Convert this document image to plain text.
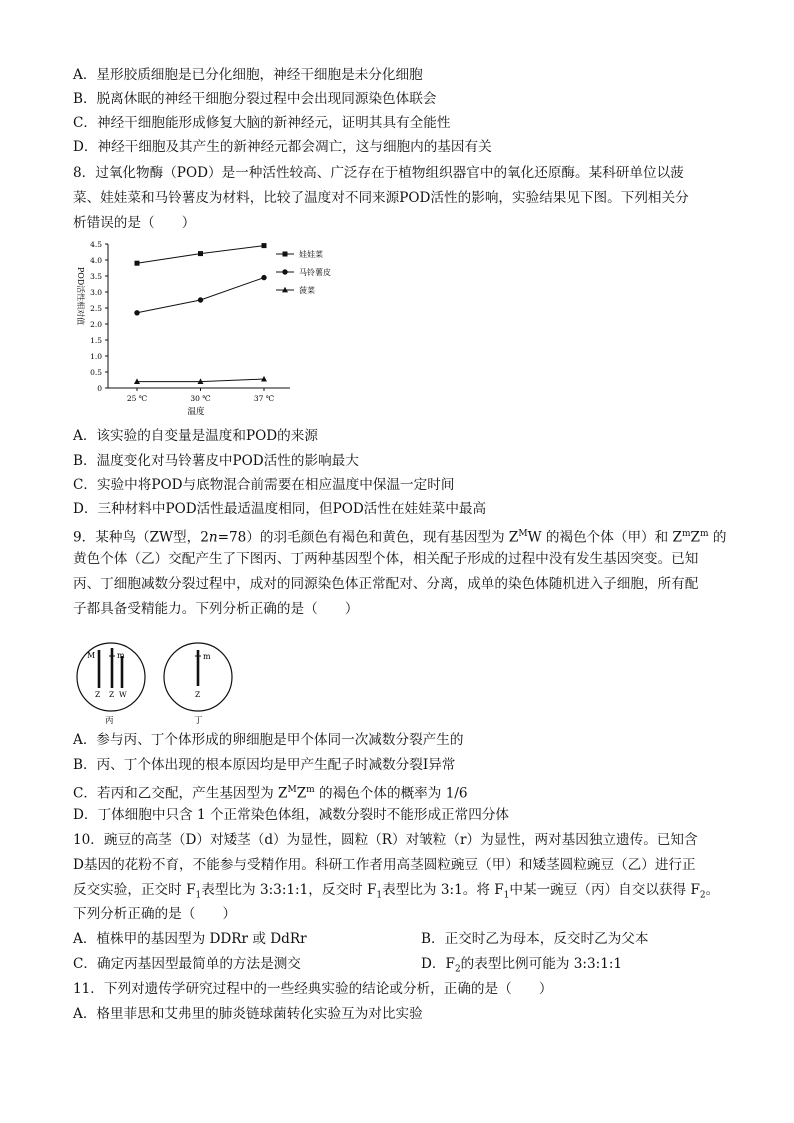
A．星形胶质细胞是已分化细胞，神经干细胞是未分化细胞
B．脱离休眠的神经干细胞分裂过程中会出现同源染色体联会
C．神经干细胞能形成修复大脑的新神经元，证明其具有全能性
D．神经干细胞及其产生的新神经元都会凋亡，这与细胞内的基因有关
8．过氧化物酶（POD）是一种活性较高、广泛存在于植物组织器官中的氧化还原酶。某科研单位以菠
菜、娃娃菜和马铃薯皮为材料，比较了温度对不同来源POD活性的影响，实验结果见下图。下列相关分
析错误的是（　　）
0
0.5
1.0
1.5
2.0
2.5
3.0
3.5
4.0
4.5
25 ℃	30 ℃	37 ℃
娃娃菜
马铃薯皮
菠菜
POD活性相对值
温度
A．该实验的自变量是温度和POD的来源
B．温度变化对马铃薯皮中POD活性的影响最大
C．实验中将POD与底物混合前需要在相应温度中保温一定时间
D．三种材料中POD活性最适温度相同，但POD活性在娃娃菜中最高
9．某种鸟（ZW型，2n=78）的羽毛颜色有褐色和黄色，现有基因型为 $Z^MW$ 的褐色个体（甲）和 $Z^mZ^m$ 的
黄色个体（乙）交配产生了下图丙、丁两种基因型个体，相关配子形成的过程中没有发生基因突变。已知
丙、丁细胞减数分裂过程中，成对的同源染色体正常配对、分离，成单的染色体随机进入子细胞，所有配
子都具备受精能力。下列分析正确的是（　　）
M	m
Z Z W
丙
m
Z
丁
A．参与丙、丁个体形成的卵细胞是甲个体同一次减数分裂产生的
B．丙、丁个体出现的根本原因均是甲产生配子时减数分裂Ⅰ异常
C．若丙和乙交配，产生基因型为 $Z^MZ^m$ 的褐色个体的概率为 1/6
D．丁体细胞中只含 1 个正常染色体组，减数分裂时不能形成正常四分体
10．豌豆的高茎（D）对矮茎（d）为显性，圆粒（R）对皱粒（r）为显性，两对基因独立遗传。已知含
D基因的花粉不育，不能参与受精作用。科研工作者用高茎圆粒豌豆（甲）和矮茎圆粒豌豆（乙）进行正
反交实验，正交时 $F_1$表型比为 3:3:1:1，反交时 $F_1$表型比为 3:1。将 $F_1$中某一豌豆（丙）自交以获得 $F_2$。
下列分析正确的是（　　）
A．植株甲的基因型为 DDRr 或 DdRr	B．正交时乙为母本，反交时乙为父本
C．确定丙基因型最简单的方法是测交	D．$F_2$的表型比例可能为 3:3:1:1
11．下列对遗传学研究过程中的一些经典实验的结论或分析，正确的是（　　）
A．格里菲思和艾弗里的肺炎链球菌转化实验互为对比实验
